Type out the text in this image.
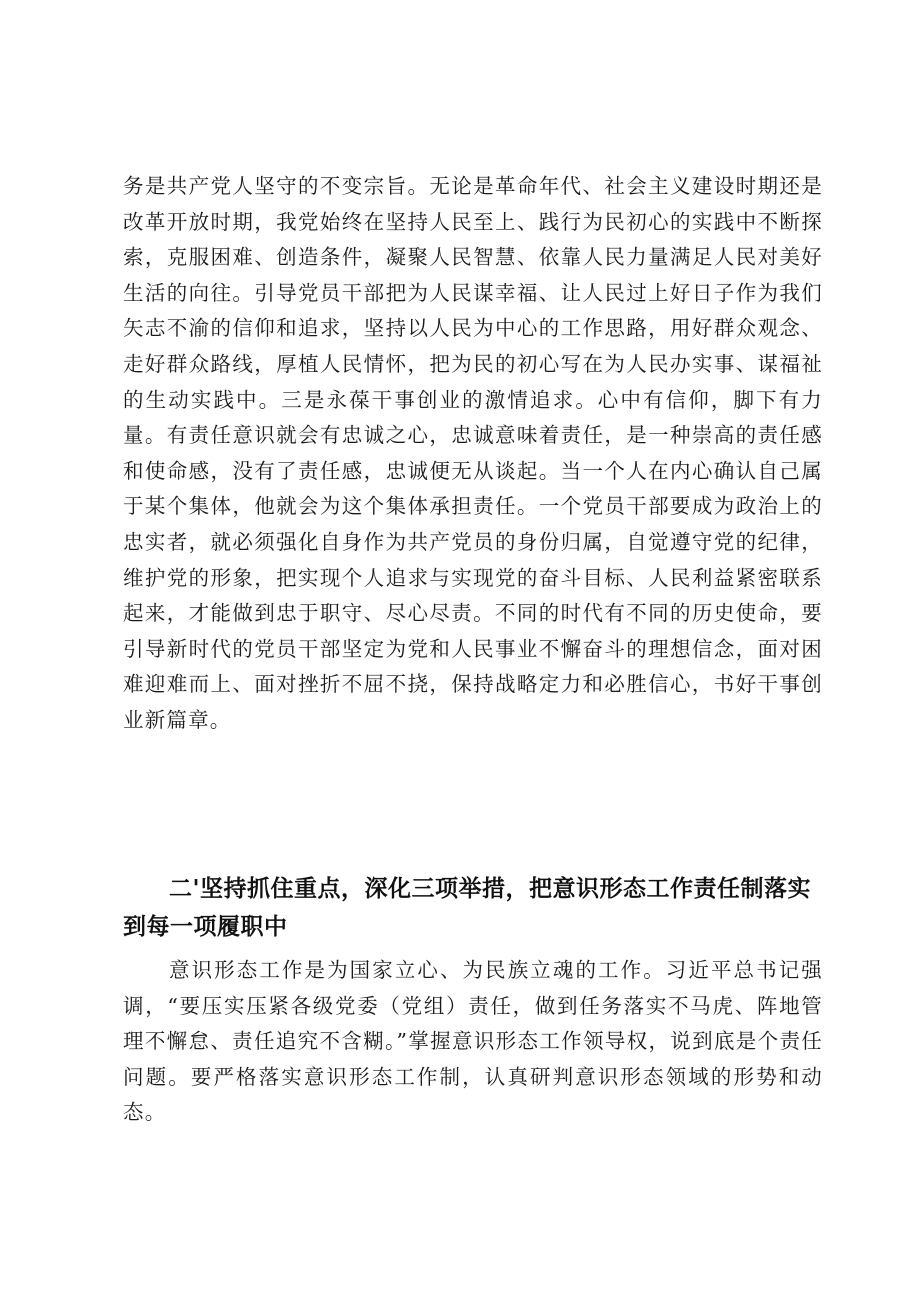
务是共产党人坚守的不变宗旨。无论是革命年代、社会主义建设时期还是改革开放时期，我党始终在坚持人民至上、践行为民初心的实践中不断探索，克服困难、创造条件，凝聚人民智慧、依靠人民力量满足人民对美好生活的向往。引导党员干部把为人民谋幸福、让人民过上好日子作为我们矢志不渝的信仰和追求，坚持以人民为中心的工作思路，用好群众观念、走好群众路线，厚植人民情怀，把为民的初心写在为人民办实事、谋福祉的生动实践中。三是永葆干事创业的激情追求。心中有信仰，脚下有力量。有责任意识就会有忠诚之心，忠诚意味着责任，是一种崇高的责任感和使命感，没有了责任感，忠诚便无从谈起。当一个人在内心确认自己属于某个集体，他就会为这个集体承担责任。一个党员干部要成为政治上的忠实者，就必须强化自身作为共产党员的身份归属，自觉遵守党的纪律，维护党的形象，把实现个人追求与实现党的奋斗目标、人民利益紧密联系起来，才能做到忠于职守、尽心尽责。不同的时代有不同的历史使命，要引导新时代的党员干部坚定为党和人民事业不懈奋斗的理想信念，面对困难迎难而上、面对挫折不屈不挠，保持战略定力和必胜信心，书好干事创业新篇章。

二'坚持抓住重点，深化三项举措，把意识形态工作责任制落实到每一项履职中

意识形态工作是为国家立心、为民族立魂的工作。习近平总书记强调，“要压实压紧各级党委（党组）责任，做到任务落实不马虎、阵地管理不懈怠、责任追究不含糊。”掌握意识形态工作领导权，说到底是个责任问题。要严格落实意识形态工作制，认真研判意识形态领域的形势和动态。
